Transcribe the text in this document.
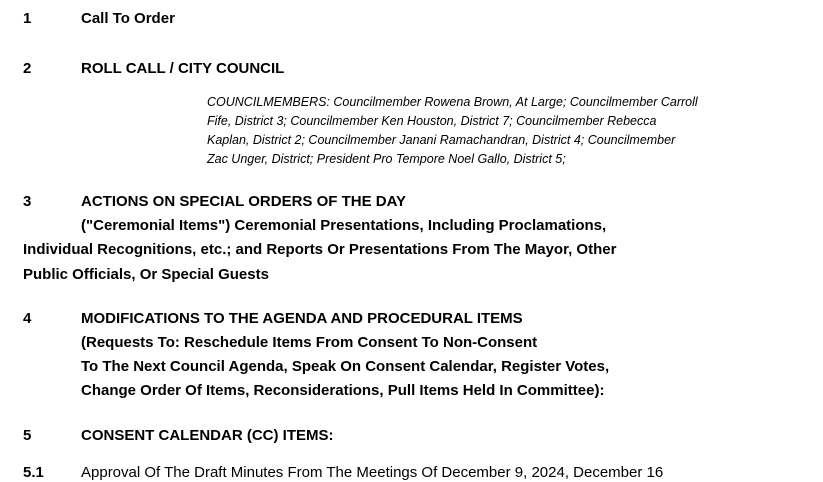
1	Call To Order
2	ROLL CALL / CITY COUNCIL
COUNCILMEMBERS: Councilmember Rowena Brown, At Large; Councilmember Carroll
Fife, District 3; Councilmember Ken Houston, District 7; Councilmember Rebecca
Kaplan, District 2; Councilmember Janani Ramachandran, District 4; Councilmember
Zac Unger, District; President Pro Tempore Noel Gallo, District 5;
3	ACTIONS ON SPECIAL ORDERS OF THE DAY
("Ceremonial Items") Ceremonial Presentations, Including Proclamations,
Individual Recognitions, etc.; and Reports Or Presentations From The Mayor, Other
Public Officials, Or Special Guests
4	MODIFICATIONS TO THE AGENDA AND PROCEDURAL ITEMS
(Requests To: Reschedule Items From Consent To Non-Consent
To The Next Council Agenda, Speak On Consent Calendar, Register Votes,
Change Order Of Items, Reconsiderations, Pull Items Held In Committee):
5	CONSENT CALENDAR (CC) ITEMS:
5.1 Approval Of The Draft Minutes From The Meetings Of December 9, 2024, December 16
